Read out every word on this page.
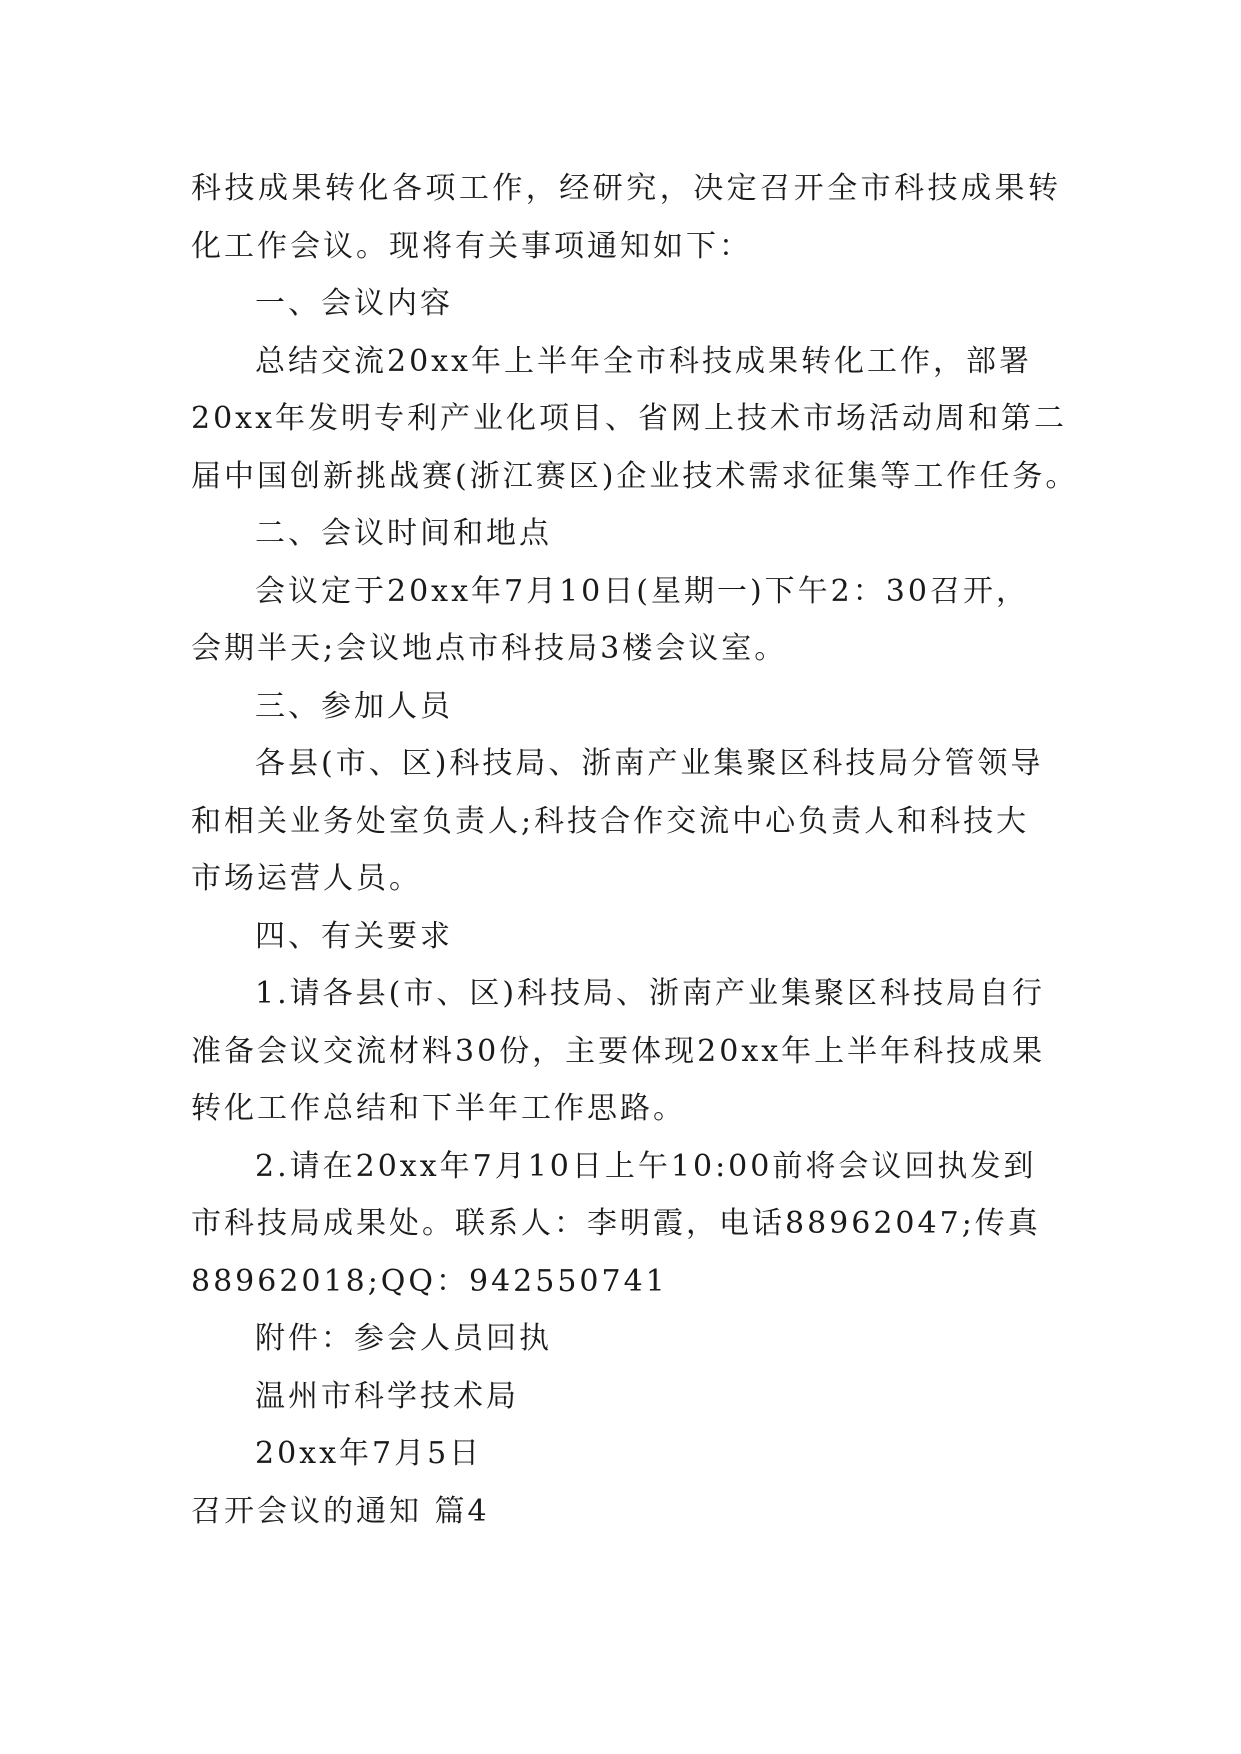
科技成果转化各项工作，经研究，决定召开全市科技成果转
化工作会议。现将有关事项通知如下：
一、会议内容
总结交流20xx年上半年全市科技成果转化工作，部署
20xx年发明专利产业化项目、省网上技术市场活动周和第二
届中国创新挑战赛(浙江赛区)企业技术需求征集等工作任务。
二、会议时间和地点
会议定于20xx年7月10日(星期一)下午2：30召开，
会期半天;会议地点市科技局3楼会议室。
三、参加人员
各县(市、区)科技局、浙南产业集聚区科技局分管领导
和相关业务处室负责人;科技合作交流中心负责人和科技大
市场运营人员。
四、有关要求
1.请各县(市、区)科技局、浙南产业集聚区科技局自行
准备会议交流材料30份，主要体现20xx年上半年科技成果
转化工作总结和下半年工作思路。
2.请在20xx年7月10日上午10:00前将会议回执发到
市科技局成果处。联系人：李明霞，电话88962047;传真
88962018;QQ：942550741
附件：参会人员回执
温州市科学技术局
20xx年7月5日
召开会议的通知 篇4
